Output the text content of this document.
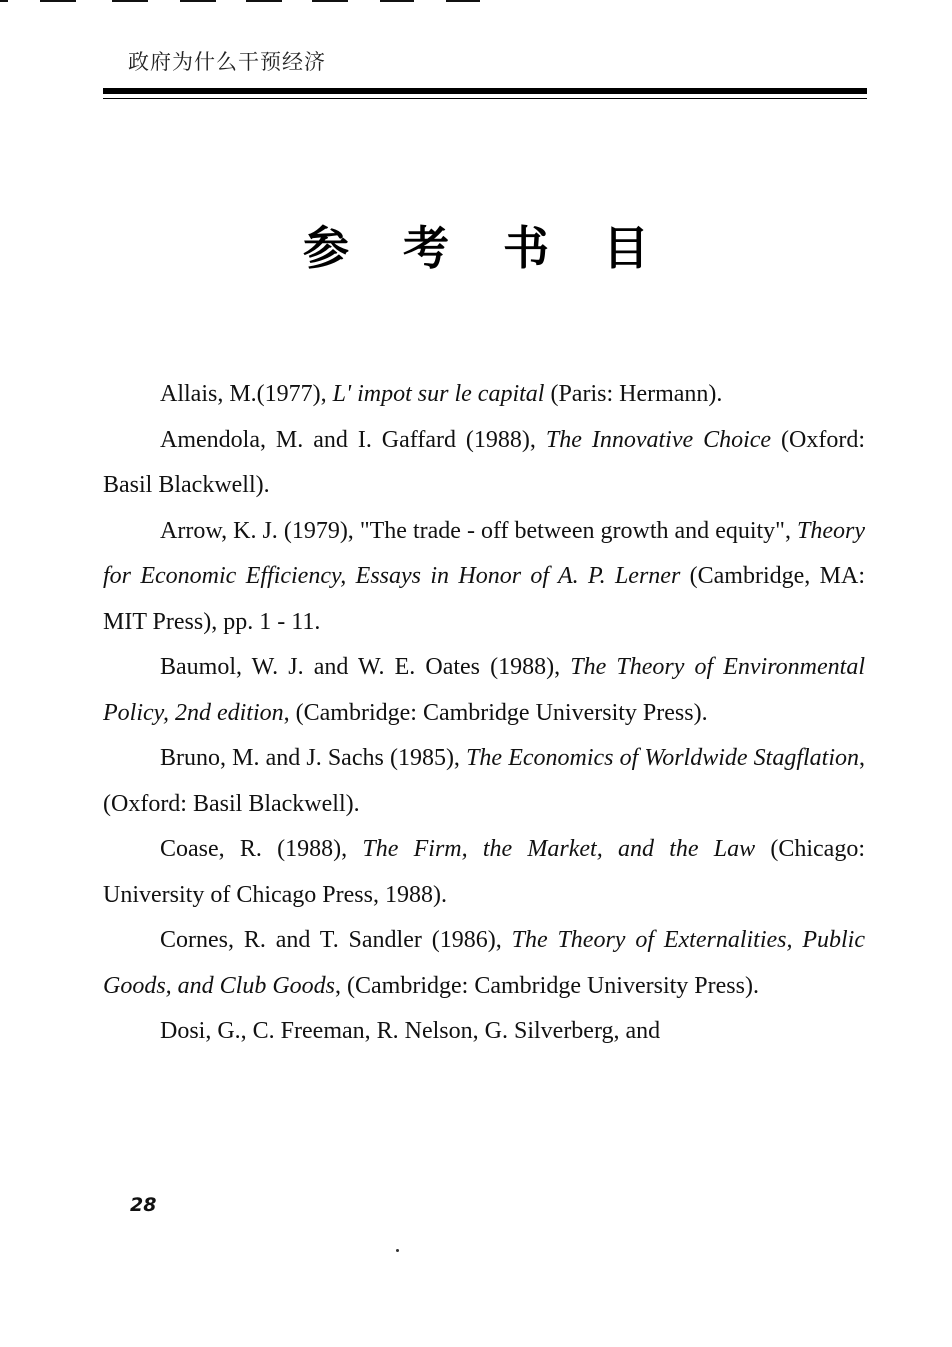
政府为什么干预经济
参考书目

Allais, M.(1977), L' impot sur le capital (Paris: Hermann).

Amendola, M. and I. Gaffard (1988), The Innovative Choice (Oxford: Basil Blackwell).

Arrow, K. J. (1979), "The trade - off between growth and equity", Theory for Economic Efficiency, Essays in Honor of A. P. Lerner (Cambridge, MA: MIT Press), pp. 1 - 11.

Baumol, W. J. and W. E. Oates (1988), The Theory of Environmental Policy, 2nd edition, (Cambridge: Cambridge University Press).

Bruno, M. and J. Sachs (1985), The Economics of Worldwide Stagflation, (Oxford: Basil Blackwell).

Coase, R. (1988), The Firm, the Market, and the Law (Chicago: University of Chicago Press, 1988).

Cornes, R. and T. Sandler (1986), The Theory of Externalities, Public Goods, and Club Goods, (Cambridge: Cambridge University Press).

Dosi, G., C. Freeman, R. Nelson, G. Silverberg, and

28
